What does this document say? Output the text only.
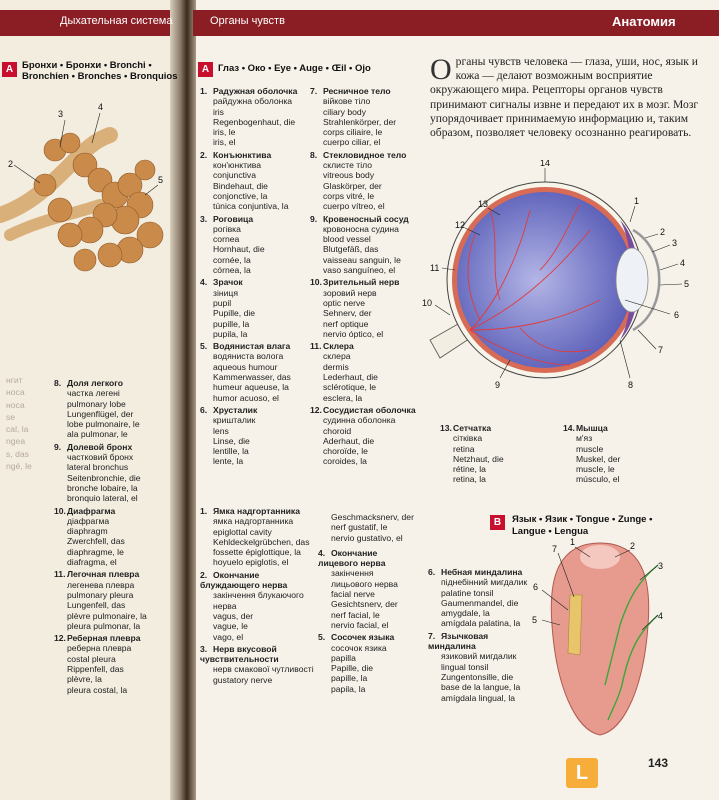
Дыхательная система	Органы чувств	Анатомия
A Бронхи • Бронхи • Bronchi •
Bronchien • Bronches • Bronquios
3
4
2
5
нгит
носа
носа
se
cal, la
ngea
s, das
ngé, le
8. Доля легкого
частка легені
pulmonary lobe
Lungenflügel, der
lobe pulmonaire, le
ala pulmonar, le
9. Долевой бронх
частковий бронх
lateral bronchus
Seitenbronchie, die
bronche lobaire, la
bronquio lateral, el
10.Диафрагма
діафрагма
diaphragm
Zwerchfell, das
diaphragme, le
diafragma, el
11. Легочная плевра
легенева плевра
pulmonary pleura
Lungenfell, das
plèvre pulmonaire, la
pleura pulmonar, la
12.Реберная плевра
реберна плевра
costal pleura
Rippenfell, das
plèvre, la
pleura costal, la
A Глаз • Око • Eye • Auge • Œil • Ojo
1. Радужная оболочка
райдужна оболонка
iris
Regenbogenhaut, die
iris, le
iris, el
2. Конъюнктива
кон'юнктива
conjunctiva
Bindehaut, die
conjonctive, la
túnica conjuntiva, la
3. Роговица
рогівка
cornea
Hornhaut, die
cornée, la
córnea, la
4. Зрачок
зіниця
pupil
Pupille, die
pupille, la
pupila, la
5. Водянистая влага
водяниста волога
aqueous humour
Kammerwasser, das
humeur aqueuse, la
humor acuoso, el
6. Хрусталик
кришталик
lens
Linse, die
lentille, la
lente, la
7. Ресничное тело
війкове тіло
ciliary body
Strahlenkörper, der
corps ciliaire, le
cuerpo ciliar, el
8. Стекловидное тело
склисте тіло
vitreous body
Glaskörper, der
corps vitré, le
cuerpo vítreo, el
9. Кровеносный сосуд
кровоносна судина
blood vessel
Blutgefäß, das
vaisseau sanguin, le
vaso sanguíneo, el
10.Зрительный нерв
зоровий нерв
optic nerve
Sehnerv, der
nerf optique
nervio óptico, el
11. Склера
склера
dermis
Lederhaut, die
sclérotique, le
esclera, la
12.Сосудистая оболочка
судинна оболонка
choroid
Aderhaut, die
choroïde, le
coroides, la
О рганы чувств человека — глаза, уши, нос, язык и кожа — делают возможным восприятие окружающего мира. Рецепторы органов чувств принимают сигналы извне и передают их в мозг. Мозг упорядочивает принимаемую информацию и, таким образом, позволяет человеку осознанно реагировать.
14
13
12
11
10
9
1
2
3
4
5
6
7
8
13.Сетчатка
сітківка
retina
Netzhaut, die
rétine, la
retina, la
14.Мышца
м'яз
muscle
Muskel, der
muscle, le
músculo, el
1. Ямка надгортанника
ямка надгортанника
epiglottal cavity
Kehldeckelgrübchen, das
fossette épiglottique, la
hoyuelo epiglotis, el
2. Окончание блуждающего нерва
закінчення блукаючого
нерва
vagus, der
vague, le
vago, el
3. Нерв вкусовой чувствительности
нерв смакової чутливості
gustatory nerve
Geschmacksnerv, der
nerf gustatif, le
nervio gustativo, el
4. Окончание лицевого нерва
закінчення
лицьового нерва
facial nerve
Gesichtsnerv, der
nerf facial, le
nervio facial, el
5. Сосочек языка
сосочок язика
papilla
Papille, die
papille, la
papila, la
6. Небная миндалина
піднебінний мигдалик
palatine tonsil
Gaumenmandel, die
amygdale, la
amígdala palatina, la
7. Язычковая миндалина
язиковий мигдалик
lingual tonsil
Zungentonsille, die
base de la langue, la
amígdala lingual, la
B	Язык • Язик • Tongue • Zunge •
Langue • Lengua
1	2
3
4
5
6
7
L	143
